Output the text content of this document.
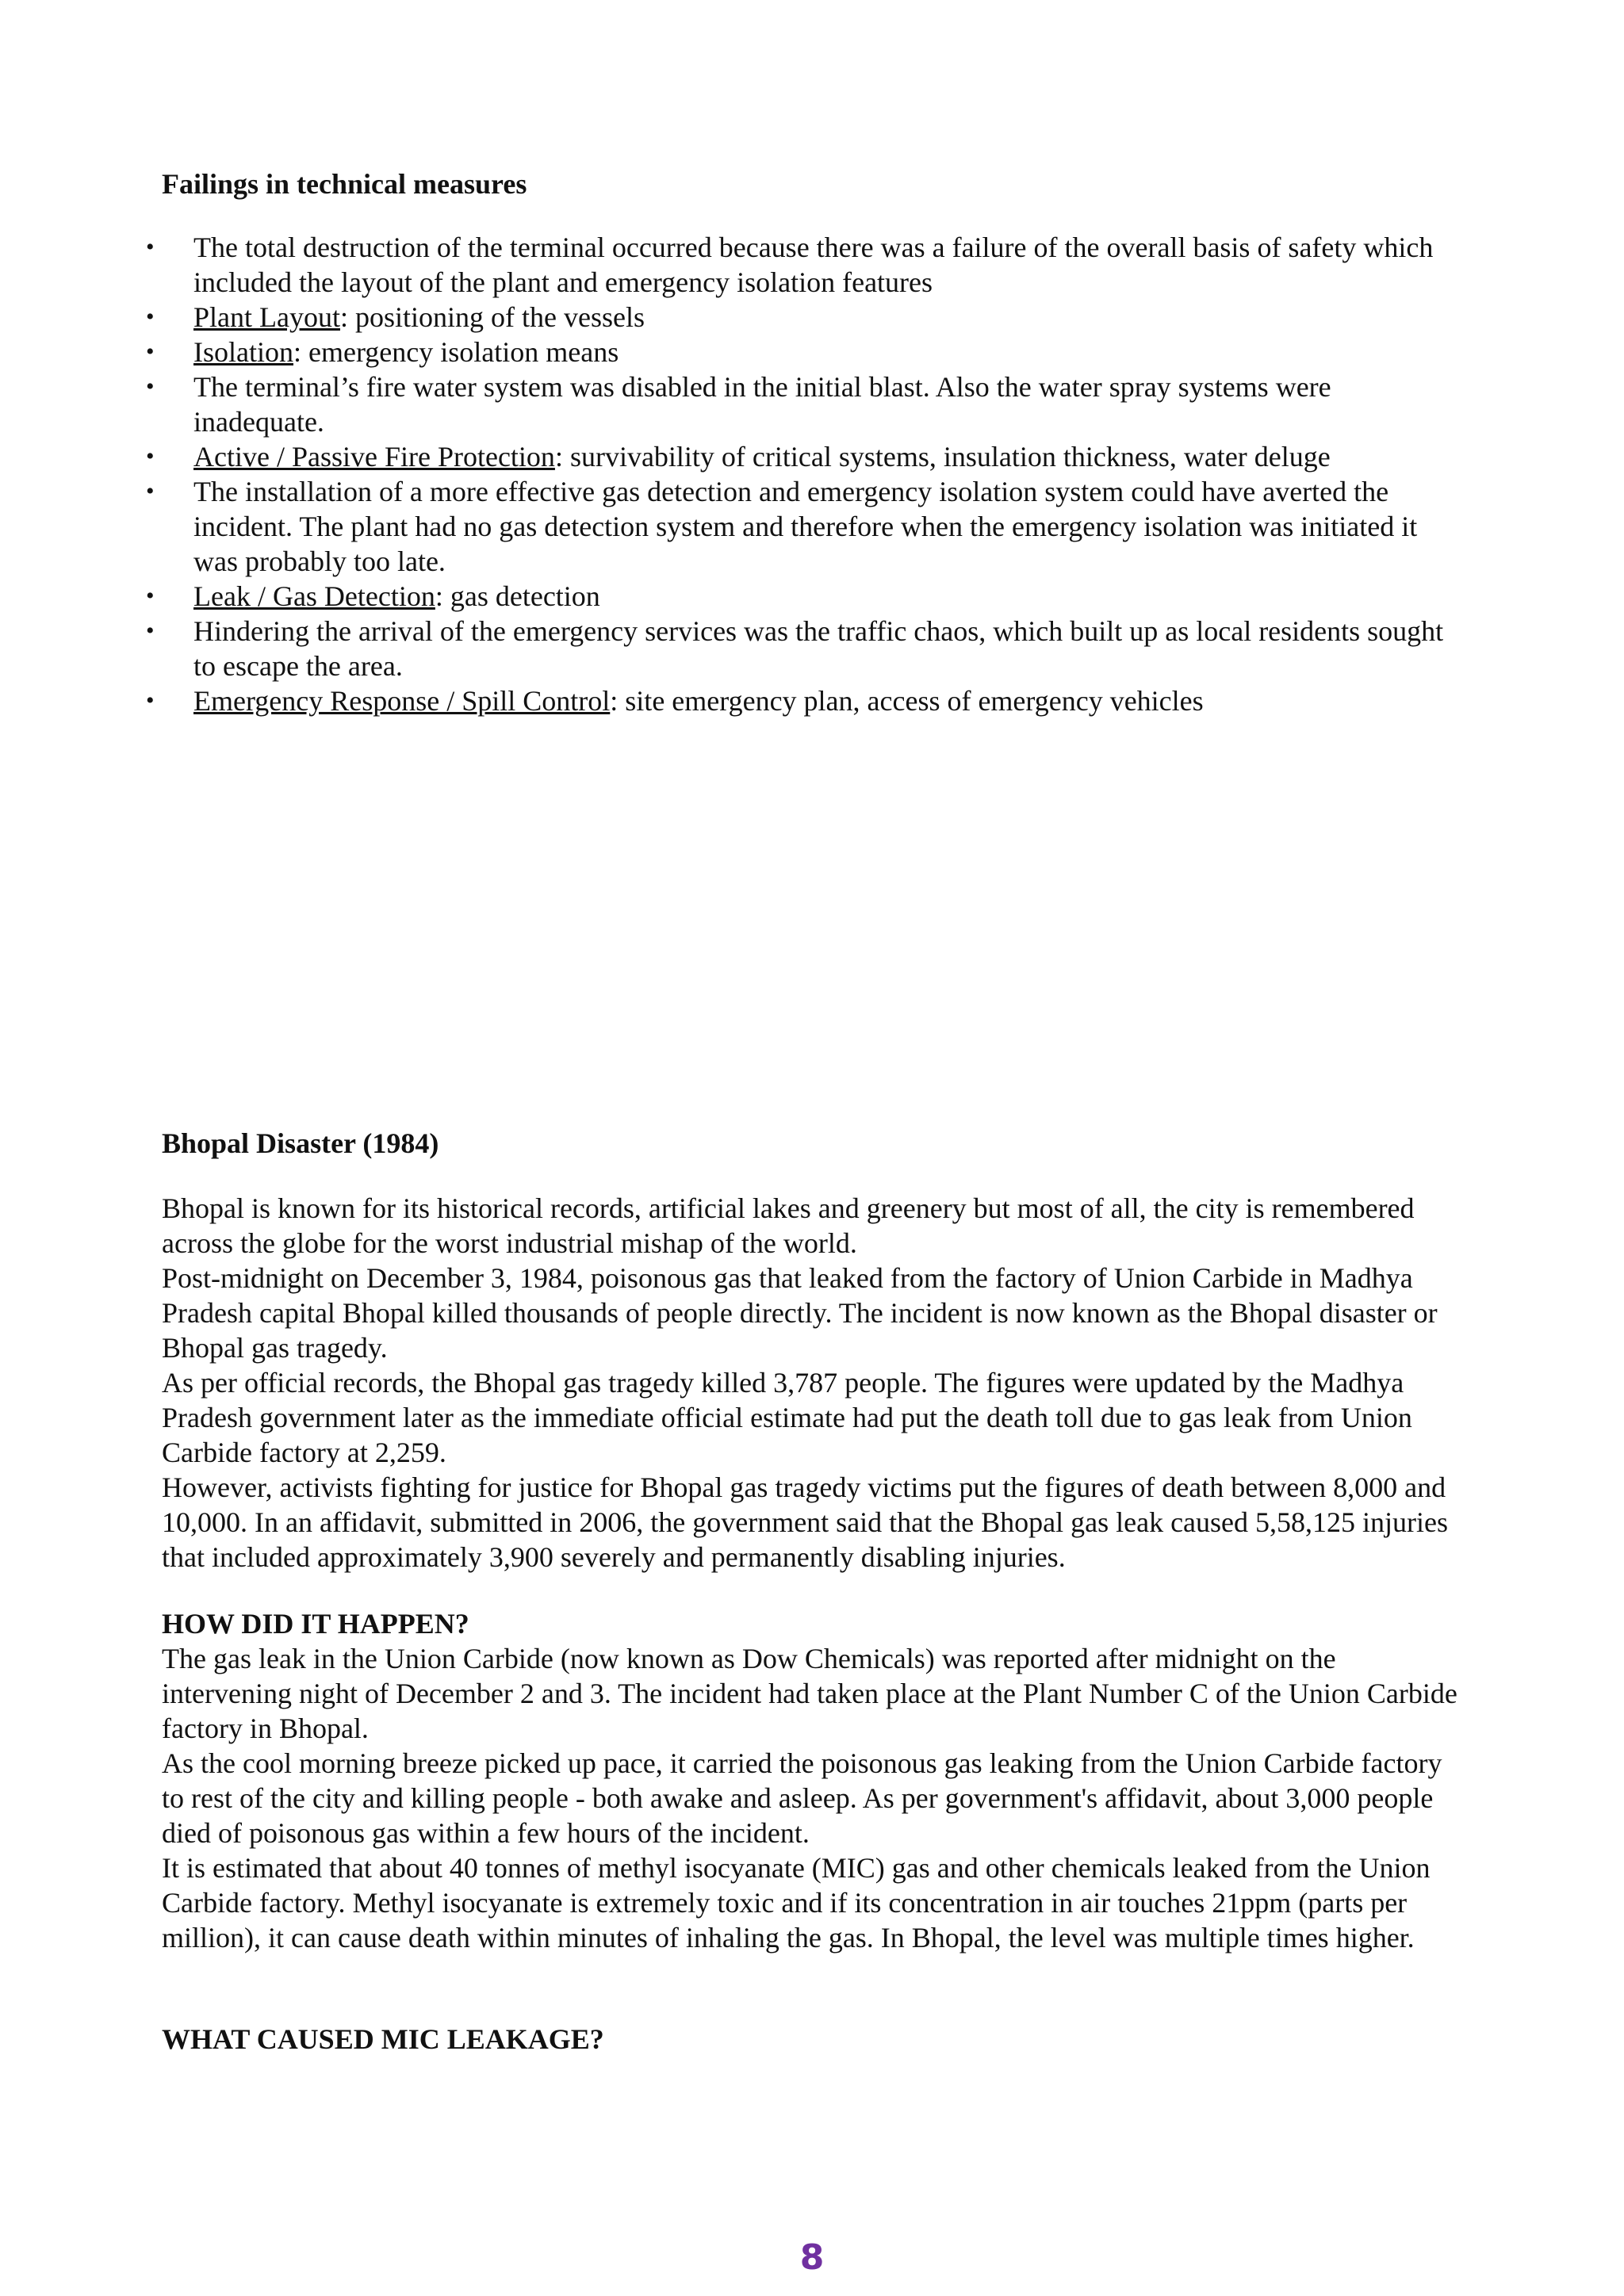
Failings in technical measures
• The total destruction of the terminal occurred because there was a failure of the overall basis of safety which included the layout of the plant and emergency isolation features
• Plant Layout: positioning of the vessels
• Isolation: emergency isolation means
• The terminal’s fire water system was disabled in the initial blast. Also the water spray systems were inadequate.
• Active / Passive Fire Protection: survivability of critical systems, insulation thickness, water deluge
• The installation of a more effective gas detection and emergency isolation system could have averted the incident. The plant had no gas detection system and therefore when the emergency isolation was initiated it was probably too late.
• Leak / Gas Detection: gas detection
• Hindering the arrival of the emergency services was the traffic chaos, which built up as local residents sought to escape the area.
• Emergency Response / Spill Control: site emergency plan, access of emergency vehicles
Bhopal Disaster (1984)

Bhopal is known for its historical records, artificial lakes and greenery but most of all, the city is remembered across the globe for the worst industrial mishap of the world.

Post-midnight on December 3, 1984, poisonous gas that leaked from the factory of Union Carbide in Madhya Pradesh capital Bhopal killed thousands of people directly. The incident is now known as the Bhopal disaster or Bhopal gas tragedy.

As per official records, the Bhopal gas tragedy killed 3,787 people. The figures were updated by the Madhya Pradesh government later as the immediate official estimate had put the death toll due to gas leak from Union Carbide factory at 2,259.

However, activists fighting for justice for Bhopal gas tragedy victims put the figures of death between 8,000 and 10,000. In an affidavit, submitted in 2006, the government said that the Bhopal gas leak caused 5,58,125 injuries that included approximately 3,900 severely and permanently disabling injuries.

HOW DID IT HAPPEN?

The gas leak in the Union Carbide (now known as Dow Chemicals) was reported after midnight on the intervening night of December 2 and 3. The incident had taken place at the Plant Number C of the Union Carbide factory in Bhopal.

As the cool morning breeze picked up pace, it carried the poisonous gas leaking from the Union Carbide factory to rest of the city and killing people - both awake and asleep. As per government's affidavit, about 3,000 people died of poisonous gas within a few hours of the incident.

It is estimated that about 40 tonnes of methyl isocyanate (MIC) gas and other chemicals leaked from the Union Carbide factory. Methyl isocyanate is extremely toxic and if its concentration in air touches 21ppm (parts per million), it can cause death within minutes of inhaling the gas. In Bhopal, the level was multiple times higher.

WHAT CAUSED MIC LEAKAGE?
8
